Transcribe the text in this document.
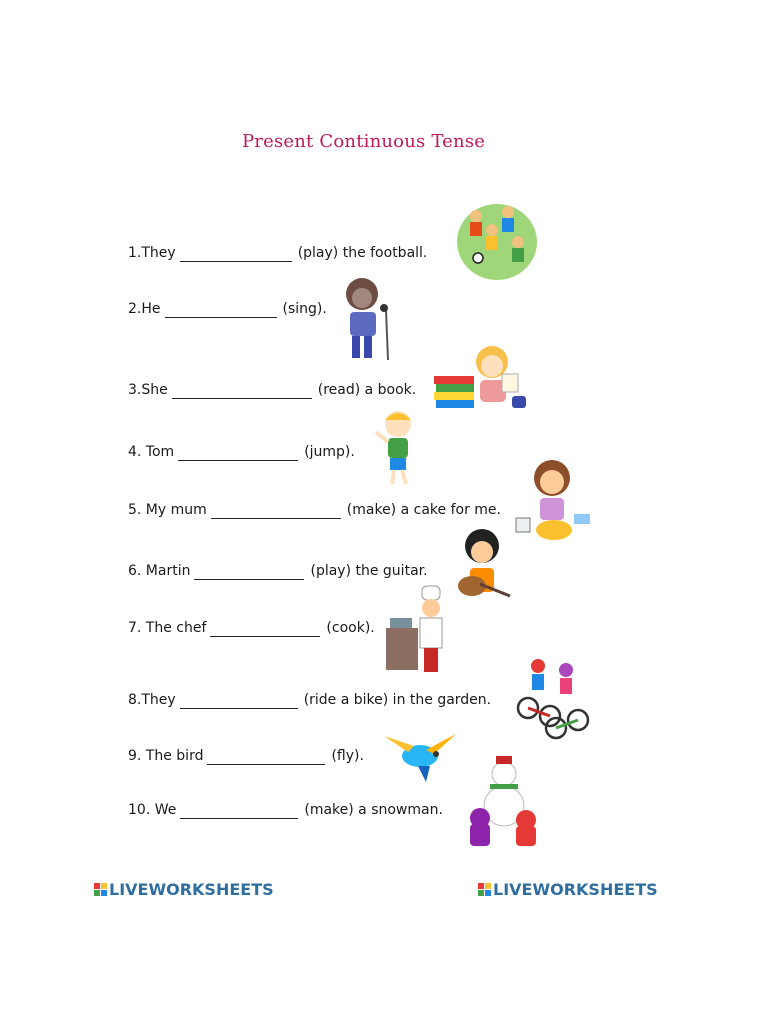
Present Continuous Tense
1.They	(play) the football.
2.He	(sing).
3.She	(read) a book.
4. Tom	(jump).
5. My mum	(make) a cake for me.
6. Martin	(play) the guitar.
7. The chef	(cook).
8.They	(ride a bike) in the garden.
9. The bird	(fly).
10. We	(make) a snowman.
LIVEWORKSHEETS	LIVEWORKSHEETS
